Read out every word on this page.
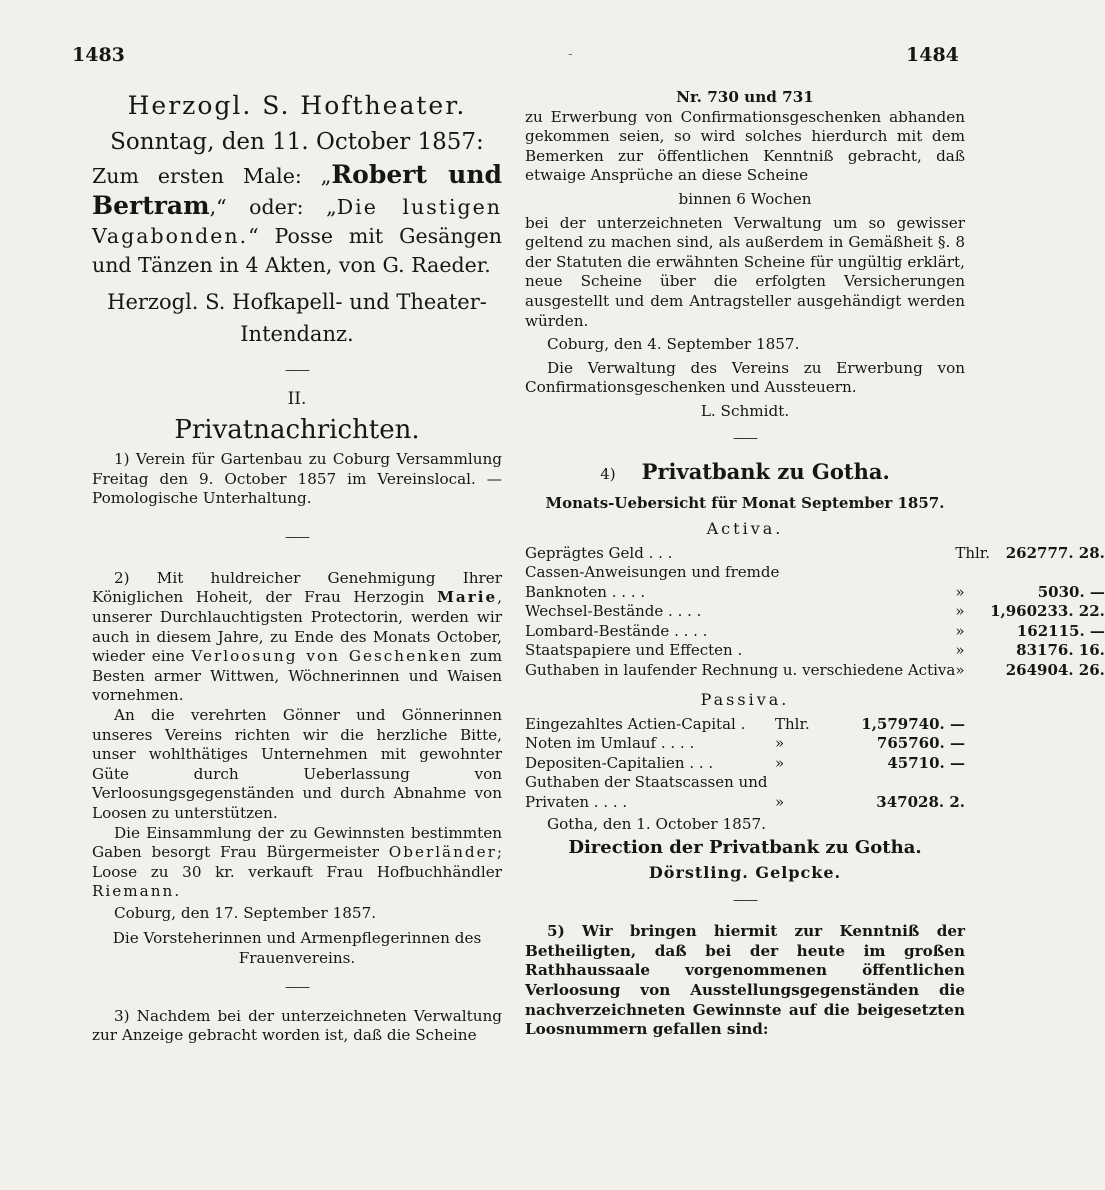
1483	-	1484

Herzogl. S. Hoftheater.

Sonntag, den 11. October 1857:

Zum ersten Male: „Robert und Bertram,“ oder: „Die lustigen Vagabonden.“ Posse mit Gesängen und Tänzen in 4 Akten, von G. Raeder.

Herzogl. S. Hofkapell- und Theater-

Intendanz.

——

II.

Privatnachrichten.

1) Verein für Gartenbau zu Coburg Versammlung Freitag den 9. October 1857 im Vereinslocal. — Pomologische Unterhaltung.

——

2) Mit huldreicher Genehmigung Ihrer Königlichen Hoheit, der Frau Herzogin Marie, unserer Durchlauchtigsten Protectorin, werden wir auch in diesem Jahre, zu Ende des Monats October, wieder eine Verloosung von Geschenken zum Besten armer Wittwen, Wöchnerinnen und Waisen vornehmen.

An die verehrten Gönner und Gönnerinnen unseres Vereins richten wir die herzliche Bitte, unser wohlthätiges Unternehmen mit gewohnter Güte durch Ueberlassung von Verloosungsgegenständen und durch Abnahme von Loosen zu unterstützen.

Die Einsammlung der zu Gewinnsten bestimmten Gaben besorgt Frau Bürgermeister Oberländer; Loose zu 30 kr. verkauft Frau Hofbuchhändler Riemann.

Coburg, den 17. September 1857.

Die Vorsteherinnen und Armenpflegerinnen des Frauenvereins.

——

3) Nachdem bei der unterzeichneten Verwaltung zur Anzeige gebracht worden ist, daß die Scheine

Nr. 730 und 731

zu Erwerbung von Confirmationsgeschenken abhanden gekommen seien, so wird solches hierdurch mit dem Bemerken zur öffentlichen Kenntniß gebracht, daß etwaige Ansprüche an diese Scheine

binnen 6 Wochen

bei der unterzeichneten Verwaltung um so gewisser geltend zu machen sind, als außerdem in Gemäßheit §. 8 der Statuten die erwähnten Scheine für ungültig erklärt, neue Scheine über die erfolgten Versicherungen ausgestellt und dem Antragsteller ausgehändigt werden würden.

Coburg, den 4. September 1857.

Die Verwaltung des Vereins zu Erwerbung von Confirmationsgeschenken und Aussteuern.

L. Schmidt.

——

4) Privatbank zu Gotha.

Monats-Uebersicht für Monat September 1857.

Activa.

Geprägtes Geld . . .	Thlr.	262777. 28.
Cassen-Anweisungen und fremde		
Banknoten . . . .	»	5030. —
Wechsel-Bestände . . . .	»	1,960233. 22.
Lombard-Bestände . . . .	»	162115. —
Staatspapiere und Effecten .	»	83176. 16.
Guthaben in laufender Rechnung u. verschiedene Activa	»	264904. 26.

Passiva.

Eingezahltes Actien-Capital .	Thlr.	1,579740. —
Noten im Umlauf . . . .	»	765760. —
Depositen-Capitalien . . .	»	45710. —
Guthaben der Staatscassen und		
Privaten . . . .	»	347028. 2.

Gotha, den 1. October 1857.

Direction der Privatbank zu Gotha.

Dörstling. Gelpcke.

——

5) Wir bringen hiermit zur Kenntniß der Betheiligten, daß bei der heute im großen Rathhaussaale vorgenommenen öffentlichen Verloosung von Ausstellungsgegenständen die nachverzeichneten Gewinnste auf die beigesetzten Loosnummern gefallen sind:
